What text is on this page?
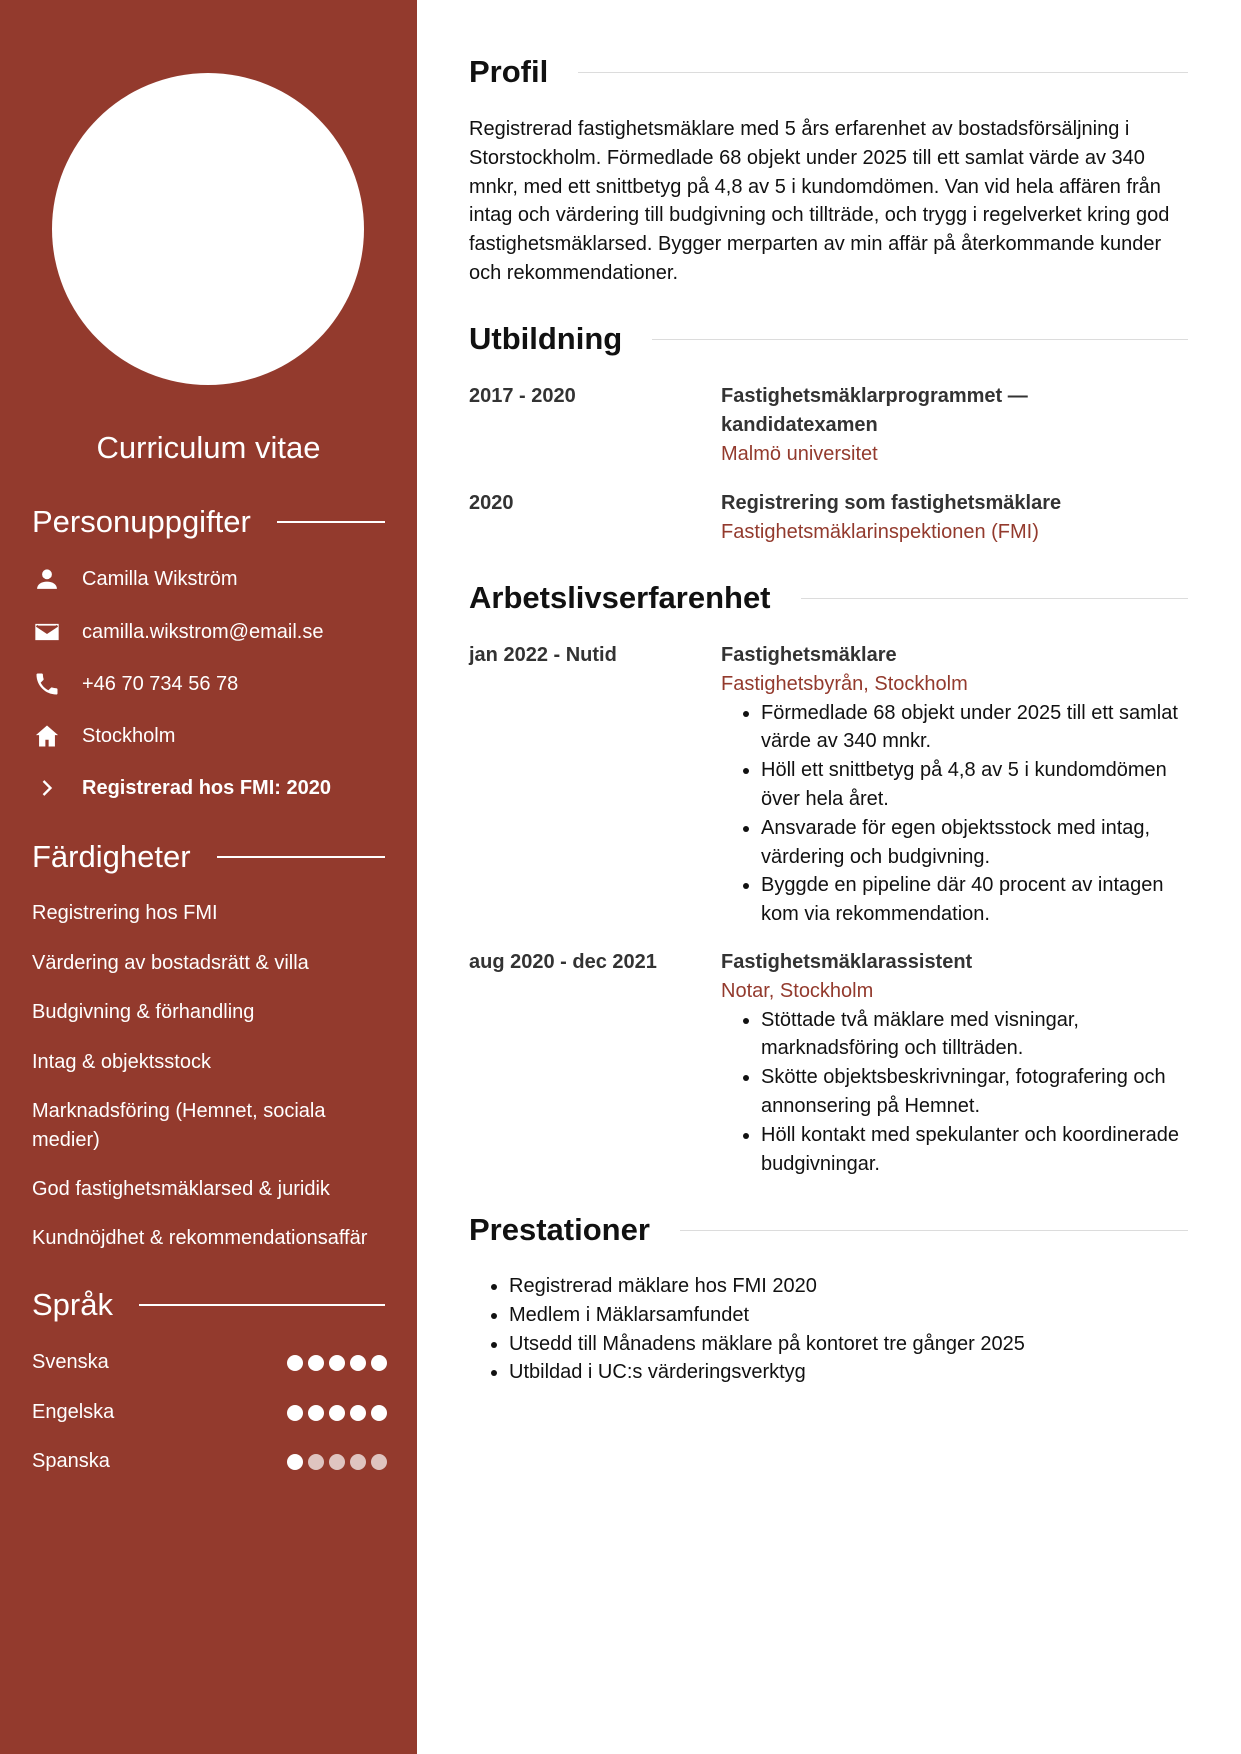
Curriculum vitae
Personuppgifter
Camilla Wikström
camilla.wikstrom@email.se
+46 70 734 56 78
Stockholm
Registrerad hos FMI: 2020
Färdigheter
Registrering hos FMI
Värdering av bostadsrätt & villa
Budgivning & förhandling
Intag & objektsstock
Marknadsföring (Hemnet, sociala medier)
God fastighetsmäklarsed & juridik
Kundnöjdhet & rekommendationsaffär
Språk
Svenska
Engelska
Spanska
Profil

Registrerad fastighetsmäklare med 5 års erfarenhet av bostadsförsäljning i Storstockholm. Förmedlade 68 objekt under 2025 till ett samlat värde av 340 mnkr, med ett snittbetyg på 4,8 av 5 i kundomdömen. Van vid hela affären från intag och värdering till budgivning och tillträde, och trygg i regelverket kring god fastighetsmäklarsed. Bygger merparten av min affär på återkommande kunder och rekommendationer.

Utbildning
2017 - 2020	Fastighetsmäklarprogrammet — kandidatexamen
Malmö universitet
2020	Registrering som fastighetsmäklare
Fastighetsmäklarinspektionen (FMI)
Arbetslivserfarenhet
jan 2022 - Nutid	Fastighetsmäklare
Fastighetsbyrån, Stockholm
• Förmedlade 68 objekt under 2025 till ett samlat värde av 340 mnkr.
• Höll ett snittbetyg på 4,8 av 5 i kundomdömen över hela året.
• Ansvarade för egen objektsstock med intag, värdering och budgivning.
• Byggde en pipeline där 40 procent av intagen kom via rekommendation.
aug 2020 - dec 2021	Fastighetsmäklarassistent
Notar, Stockholm
• Stöttade två mäklare med visningar, marknadsföring och tillträden.
• Skötte objektsbeskrivningar, fotografering och annonsering på Hemnet.
• Höll kontakt med spekulanter och koordinerade budgivningar.
Prestationer
• Registrerad mäklare hos FMI 2020
• Medlem i Mäklarsamfundet
• Utsedd till Månadens mäklare på kontoret tre gånger 2025
• Utbildad i UC:s värderingsverktyg
